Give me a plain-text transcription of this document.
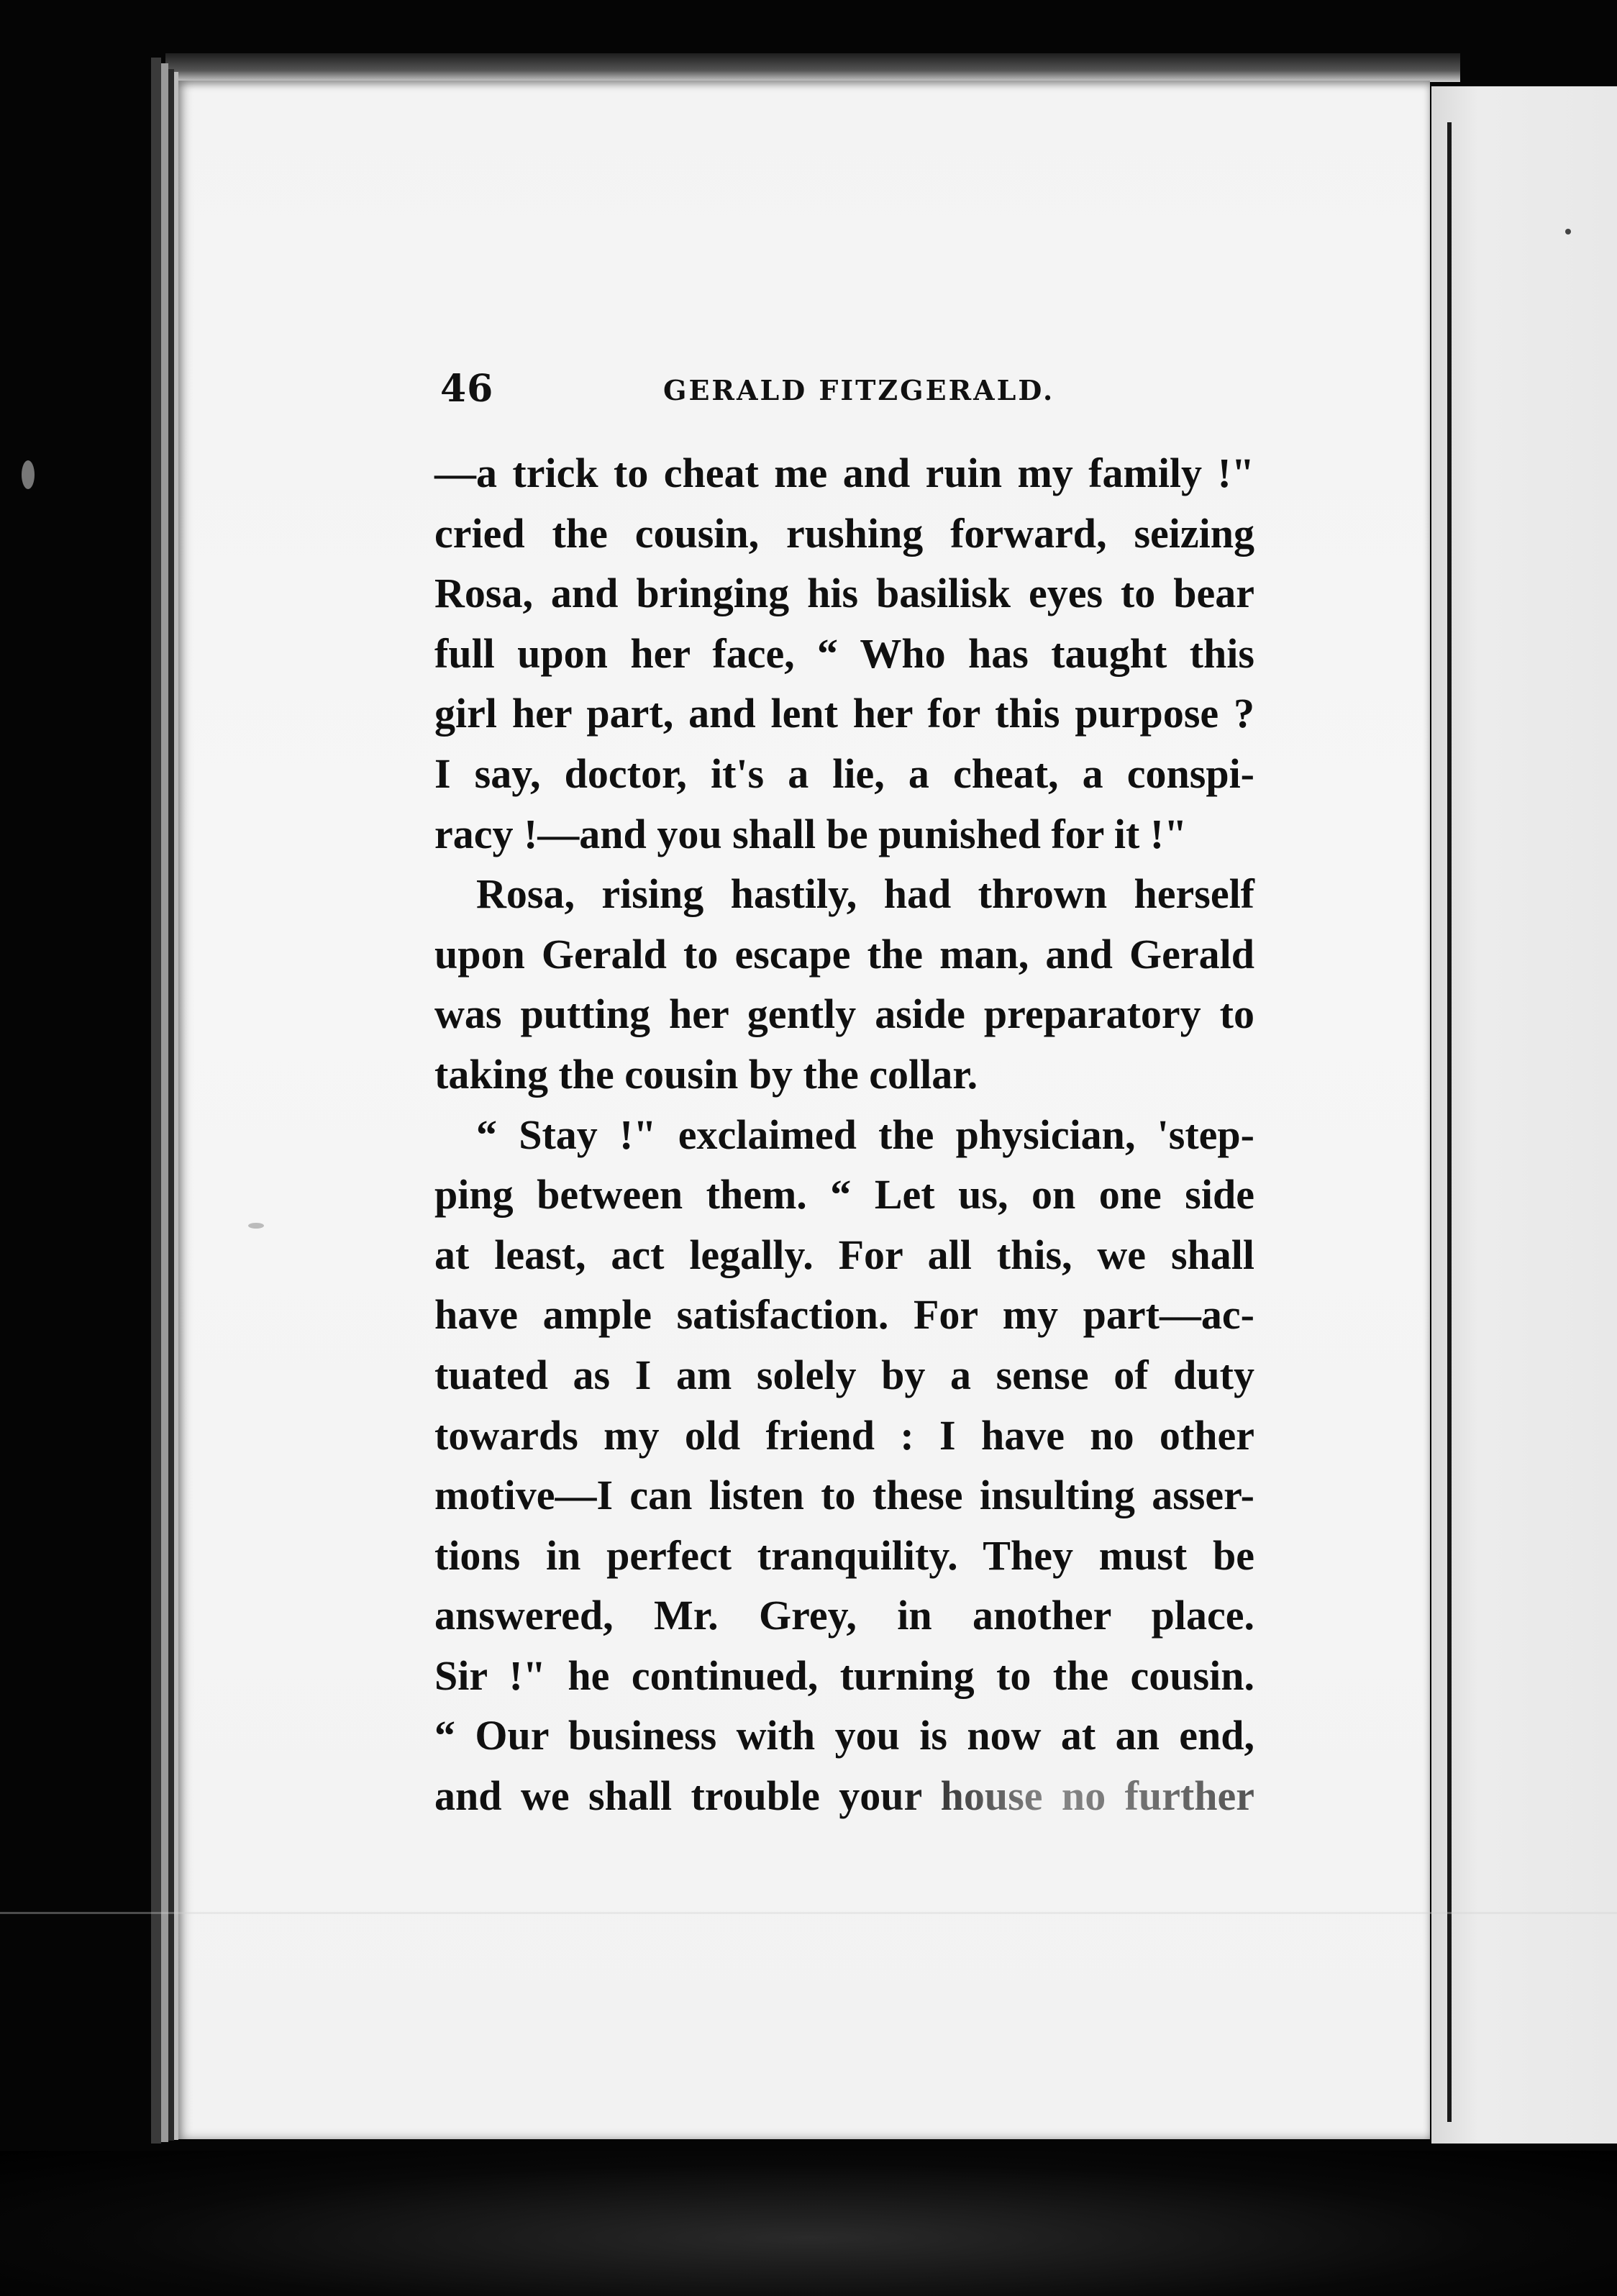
46	GERALD FITZGERALD.
—a trick to cheat me and ruin my family !"
cried the cousin, rushing forward, seizing
Rosa, and bringing his basilisk eyes to bear
full upon her face, “ Who has taught this
girl her part, and lent her for this purpose ?
I say, doctor, it's a lie, a cheat, a conspi-
racy !—and you shall be punished for it !"
Rosa, rising hastily, had thrown herself
upon Gerald to escape the man, and Gerald
was putting her gently aside preparatory to
taking the cousin by the collar.
“ Stay !" exclaimed the physician, 'step-
ping between them. “ Let us, on one side
at least, act legally. For all this, we shall
have ample satisfaction. For my part—ac-
tuated as I am solely by a sense of duty
towards my old friend : I have no other
motive—I can listen to these insulting asser-
tions in perfect tranquility. They must be
answered, Mr. Grey, in another place.
Sir !" he continued, turning to the cousin.
“ Our business with you is now at an end,
and we shall trouble your house no further
